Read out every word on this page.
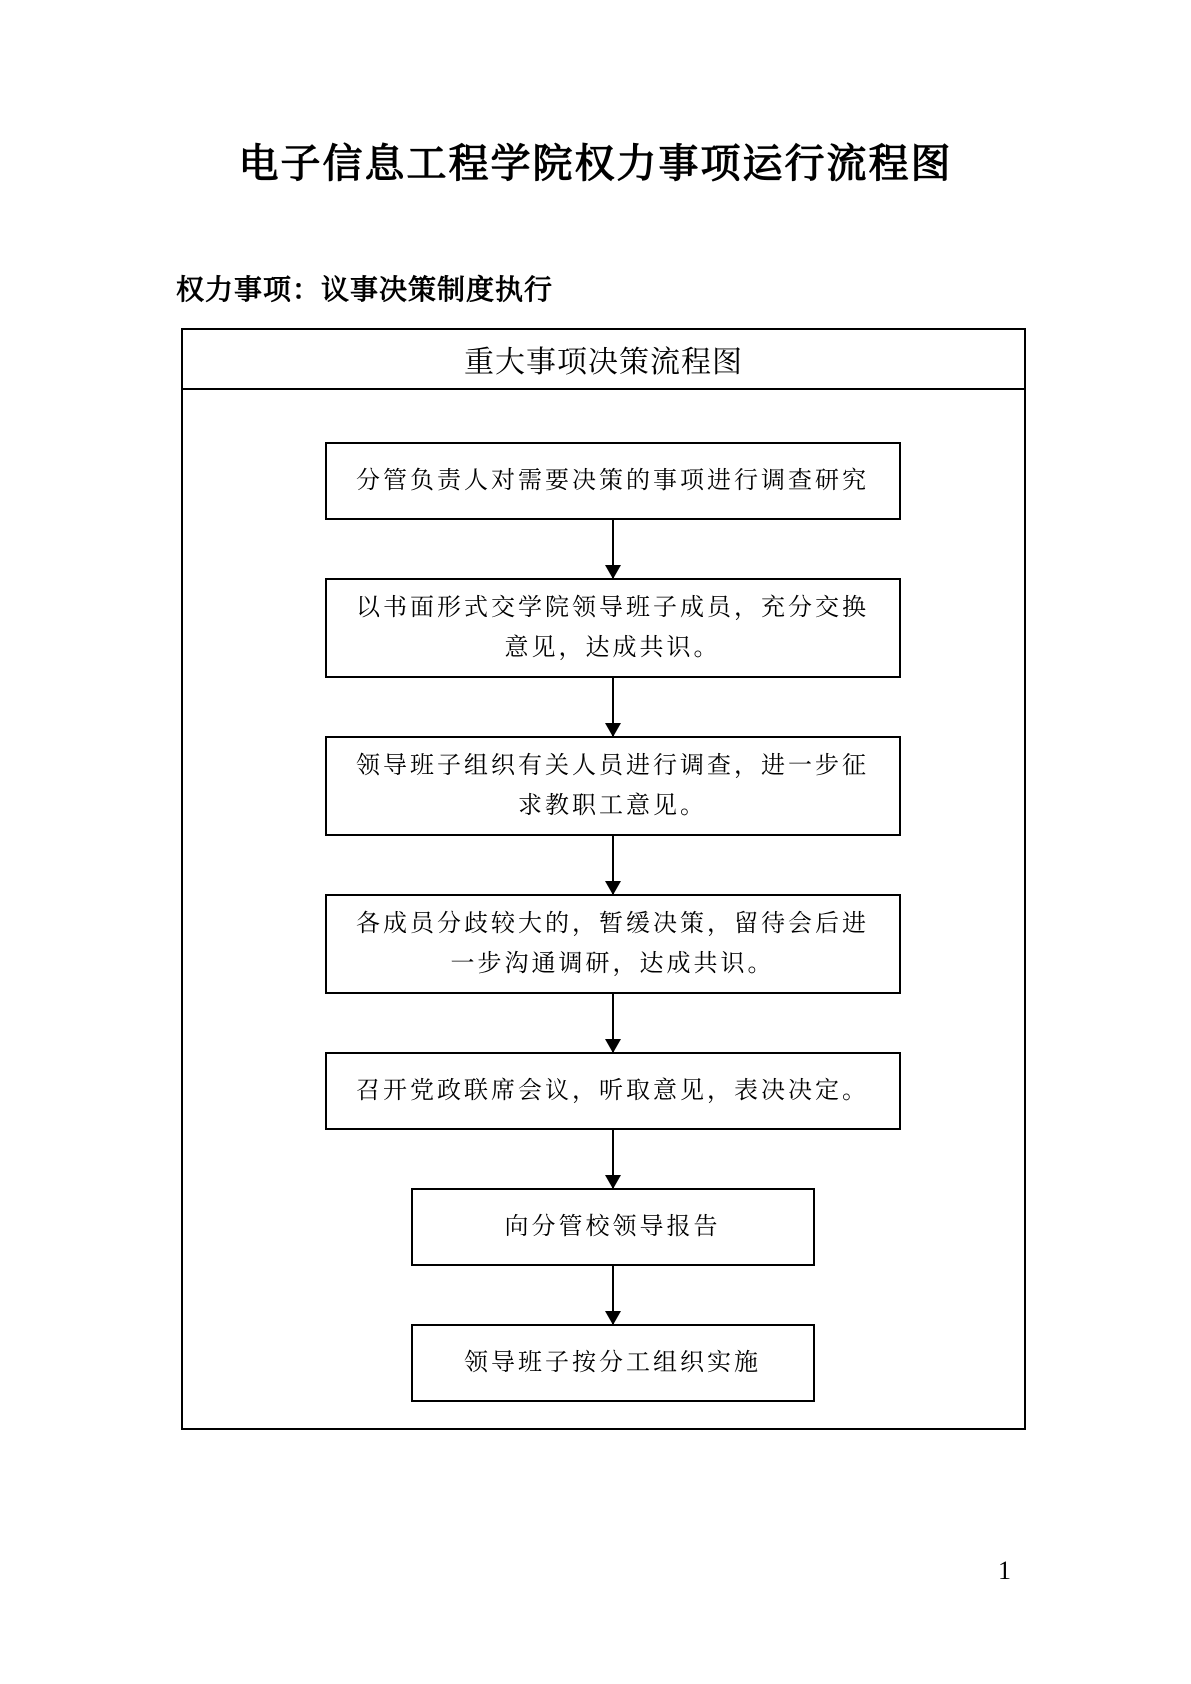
电子信息工程学院权力事项运行流程图
权力事项：议事决策制度执行
重大事项决策流程图
分管负责人对需要决策的事项进行调查研究
以书面形式交学院领导班子成员，充分交换意见，达成共识。
领导班子组织有关人员进行调查，进一步征求教职工意见。
各成员分歧较大的，暂缓决策，留待会后进一步沟通调研，达成共识。
召开党政联席会议，听取意见，表决决定。
向分管校领导报告
领导班子按分工组织实施
1
